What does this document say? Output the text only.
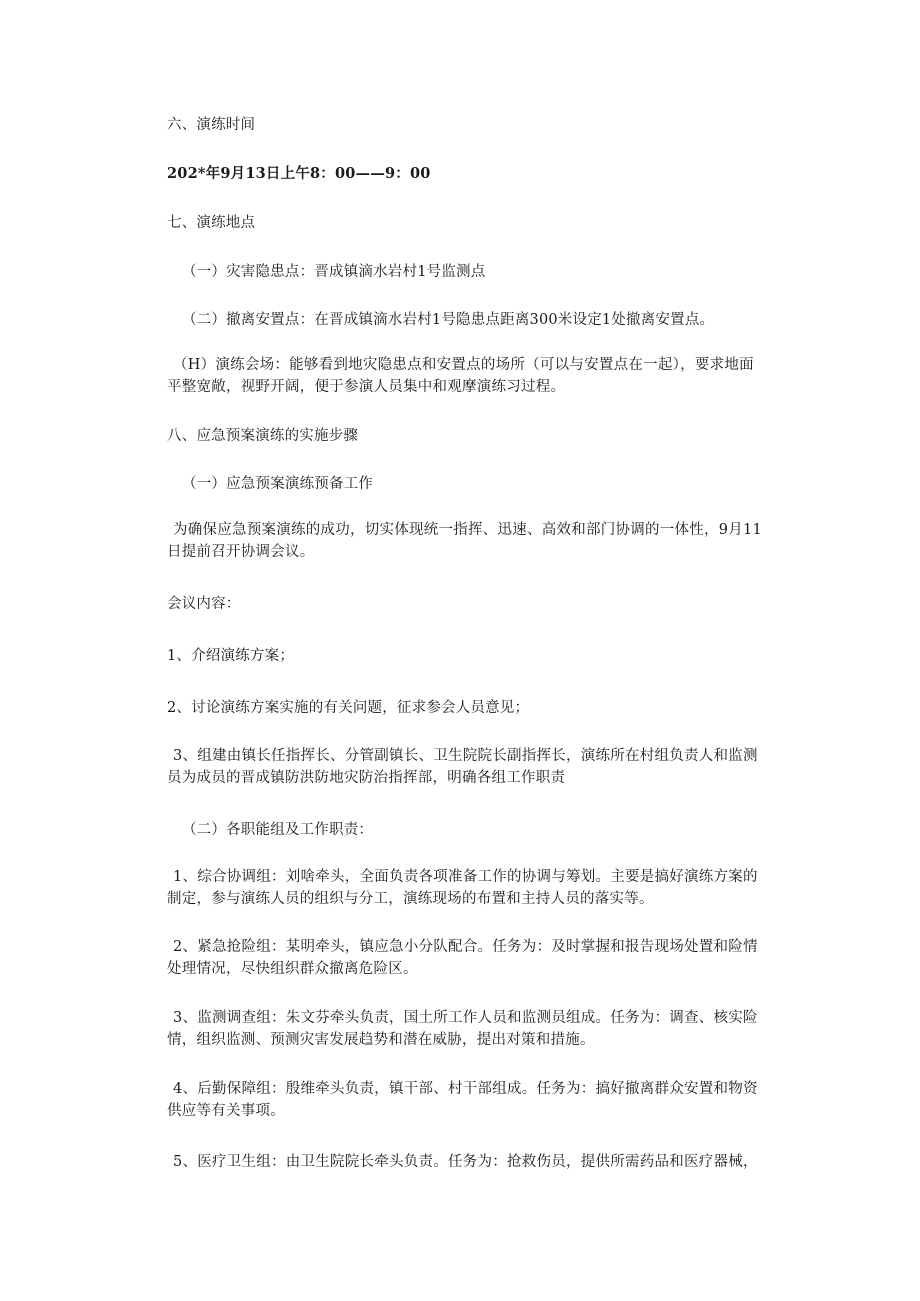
六、演练时间
202*年9月13日上午8：00——9：00
七、演练地点
（一）灾害隐患点：晋成镇滴水岩村1号监测点
（二）撤离安置点：在晋成镇滴水岩村1号隐患点距离300米设定1处撤离安置点。
（H）演练会场：能够看到地灾隐患点和安置点的场所（可以与安置点在一起），要求地面
平整宽敞，视野开阔，便于参演人员集中和观摩演练习过程。
八、应急预案演练的实施步骤
（一）应急预案演练预备工作
为确保应急预案演练的成功，切实体现统一指挥、迅速、高效和部门协调的一体性，9月11
日提前召开协调会议。
会议内容：
1、介绍演练方案；
2、讨论演练方案实施的有关问题，征求参会人员意见；
3、组建由镇长任指挥长、分管副镇长、卫生院院长副指挥长，演练所在村组负责人和监测
员为成员的晋成镇防洪防地灾防治指挥部，明确各组工作职责
（二）各职能组及工作职责：
1、综合协调组：刘啥牵头，全面负责各项准备工作的协调与筹划。主要是搞好演练方案的
制定，参与演练人员的组织与分工，演练现场的布置和主持人员的落实等。
2、紧急抢险组：某明牵头，镇应急小分队配合。任务为：及时掌握和报告现场处置和险情
处理情况，尽快组织群众撤离危险区。
3、监测调查组：朱文芬牵头负责，国土所工作人员和监测员组成。任务为：调查、核实险
情，组织监测、预测灾害发展趋势和潜在威胁，提出对策和措施。
4、后勤保障组：殷维牵头负责，镇干部、村干部组成。任务为：搞好撤离群众安置和物资
供应等有关事项。
5、医疗卫生组：由卫生院院长牵头负责。任务为：抢救伤员，提供所需药品和医疗器械，
